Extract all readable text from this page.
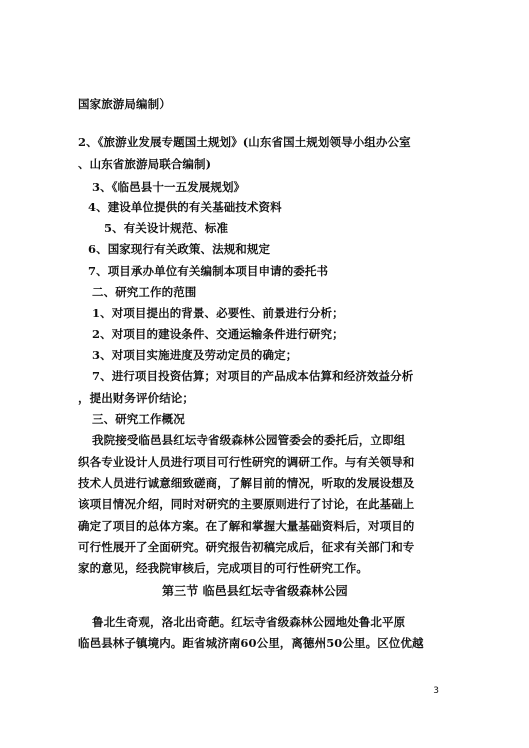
国家旅游局编制）
2、《旅游业发展专题国土规划》(山东省国土规划领导小组办公室
、山东省旅游局联合编制)
3、《临邑县十一五发展规划》
4、建设单位提供的有关基础技术资料
5、有关设计规范、标准
6、国家现行有关政策、法规和规定
7、项目承办单位有关编制本项目申请的委托书
二、研究工作的范围
1、对项目提出的背景、必要性、前景进行分析；
2、对项目的建设条件、交通运输条件进行研究；
3、对项目实施进度及劳动定员的确定；
7、进行项目投资估算；对项目的产品成本估算和经济效益分析
，提出财务评价结论；
三、研究工作概况
我院接受临邑县红坛寺省级森林公园管委会的委托后，立即组
织各专业设计人员进行项目可行性研究的调研工作。与有关领导和
技术人员进行诚意细致磋商，了解目前的情况，听取的发展设想及
该项目情况介绍，同时对研究的主要原则进行了讨论，在此基础上
确定了项目的总体方案。在了解和掌握大量基础资料后，对项目的
可行性展开了全面研究。研究报告初稿完成后，征求有关部门和专
家的意见，经我院审核后，完成项目的可行性研究工作。
第三节 临邑县红坛寺省级森林公园
鲁北生奇观，洛北出奇葩。红坛寺省级森林公园地处鲁北平原
临邑县林子镇境内。距省城济南60公里，离德州50公里。区位优越
3
